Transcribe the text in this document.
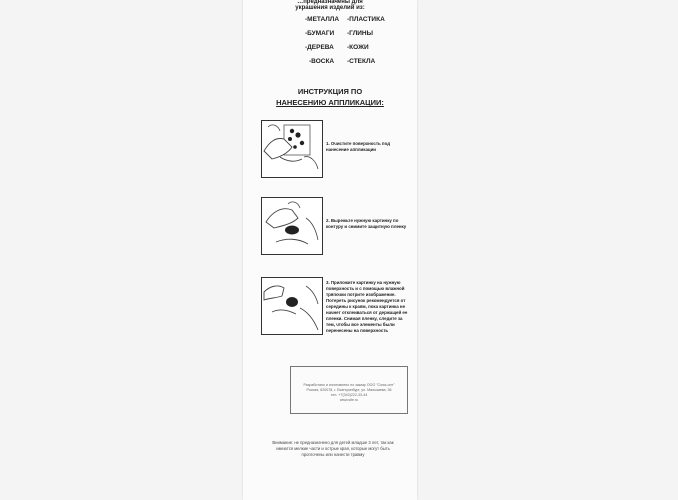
…предназначены для
украшения изделий из:
-МЕТАЛЛА -ПЛАСТИКА
-БУМАГИ -ГЛИНЫ
-ДЕРЕВА -КОЖИ
-ВОСКА -СТЕКЛА
ИНСТРУКЦИЯ ПО
НАНЕСЕНИЮ АППЛИКАЦИИ:
1. Очистите поверхность под нанесение аппликации
2. Вырежьте нужную картинку по контуру и снимите защитную пленку
3. Приложите картинку на нужную поверхность и с помощью влажной тряпочки потрите изображение. Потереть рисунок рекомендуется от середины к краям, пока картинка не начнет отклеиваться от держащей ее пленки. Снимая пленку, следите за тем, чтобы все элементы были перенесены на поверхность
Разработано и изготовлено по заказу ООО "Союз-опт"
Россия, 620078, г. Екатеринбург, ул. Малышева, 36
тел. +7(343)222-33-44
www.site.ru
Внимание: не предназначено для детей младше 3 лет, так как имеются мелкие части и острые края, которые могут быть проглочены или нанести травму
